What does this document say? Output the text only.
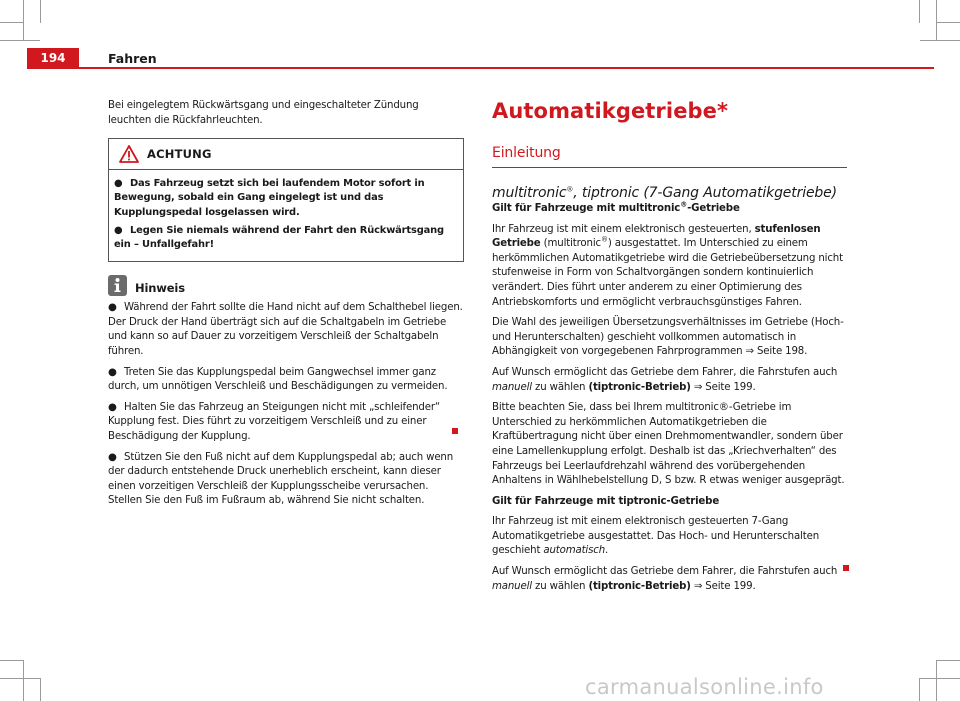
194	Fahren

Bei eingelegtem Rückwärtsgang und eingeschalteter Zündung leuchten die Rückfahrleuchten.

ACHTUNG

● Das Fahrzeug setzt sich bei laufendem Motor sofort in Bewegung, sobald ein Gang eingelegt ist und das Kupplungspedal losgelassen wird.

● Legen Sie niemals während der Fahrt den Rückwärtsgang ein – Unfallgefahr!

Hinweis

● Während der Fahrt sollte die Hand nicht auf dem Schalthebel liegen. Der Druck der Hand überträgt sich auf die Schaltgabeln im Getriebe und kann so auf Dauer zu vorzeitigem Verschleiß der Schaltgabeln führen.

● Treten Sie das Kupplungspedal beim Gangwechsel immer ganz durch, um unnötigen Verschleiß und Beschädigungen zu vermeiden.

● Halten Sie das Fahrzeug an Steigungen nicht mit „schleifender“ Kupplung fest. Dies führt zu vorzeitigem Verschleiß und zu einer Beschädigung der Kupplung.

● Stützen Sie den Fuß nicht auf dem Kupplungspedal ab; auch wenn der dadurch entstehende Druck unerheblich erscheint, kann dieser einen vorzeitigen Verschleiß der Kupplungsscheibe verursachen. Stellen Sie den Fuß im Fußraum ab, während Sie nicht schalten.

Automatikgetriebe*
Einleitung
multitronic®, tiptronic (7-Gang Automatikgetriebe)

Gilt für Fahrzeuge mit multitronic®-Getriebe

Ihr Fahrzeug ist mit einem elektronisch gesteuerten, stufenlosen Getriebe (multitronic®) ausgestattet. Im Unterschied zu einem herkömmlichen Automatikgetriebe wird die Getriebeübersetzung nicht stufenweise in Form von Schaltvorgängen sondern kontinuierlich verändert. Dies führt unter anderem zu einer Optimierung des Antriebskomforts und ermöglicht verbrauchsgünstiges Fahren.

Die Wahl des jeweiligen Übersetzungsverhältnisses im Getriebe (Hoch- und Herunterschalten) geschieht vollkommen automatisch in Abhängigkeit von vorgegebenen Fahrprogrammen ⇒ Seite 198.

Auf Wunsch ermöglicht das Getriebe dem Fahrer, die Fahrstufen auch manuell zu wählen (tiptronic-Betrieb) ⇒ Seite 199.

Bitte beachten Sie, dass bei Ihrem multitronic®-Getriebe im Unterschied zu herkömmlichen Automatikgetrieben die Kraftübertragung nicht über einen Drehmomentwandler, sondern über eine Lamellenkupplung erfolgt. Deshalb ist das „Kriechverhalten“ des Fahrzeugs bei Leerlaufdrehzahl während des vorübergehenden Anhaltens in Wählhebelstellung D, S bzw. R etwas weniger ausgeprägt.

Gilt für Fahrzeuge mit tiptronic-Getriebe

Ihr Fahrzeug ist mit einem elektronisch gesteuerten 7-Gang Automatikgetriebe ausgestattet. Das Hoch- und Herunterschalten geschieht automatisch.

Auf Wunsch ermöglicht das Getriebe dem Fahrer, die Fahrstufen auch manuell zu wählen (tiptronic-Betrieb) ⇒ Seite 199.

carmanualsonline.info
